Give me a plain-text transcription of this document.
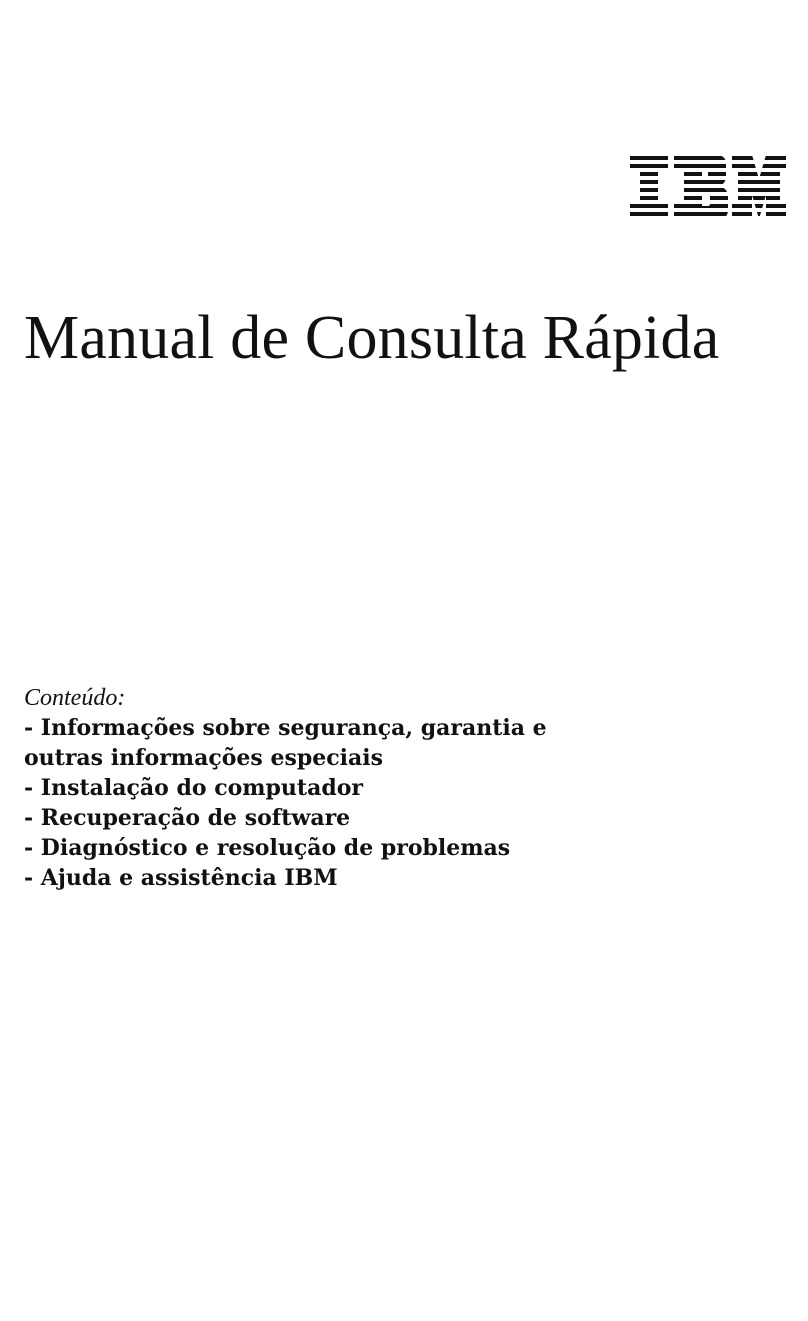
Manual de Consulta Rápida

Conteúdo:

- Informações sobre segurança, garantia e
outras informações especiais
- Instalação do computador
- Recuperação de software
- Diagnóstico e resolução de problemas
- Ajuda e assistência IBM
